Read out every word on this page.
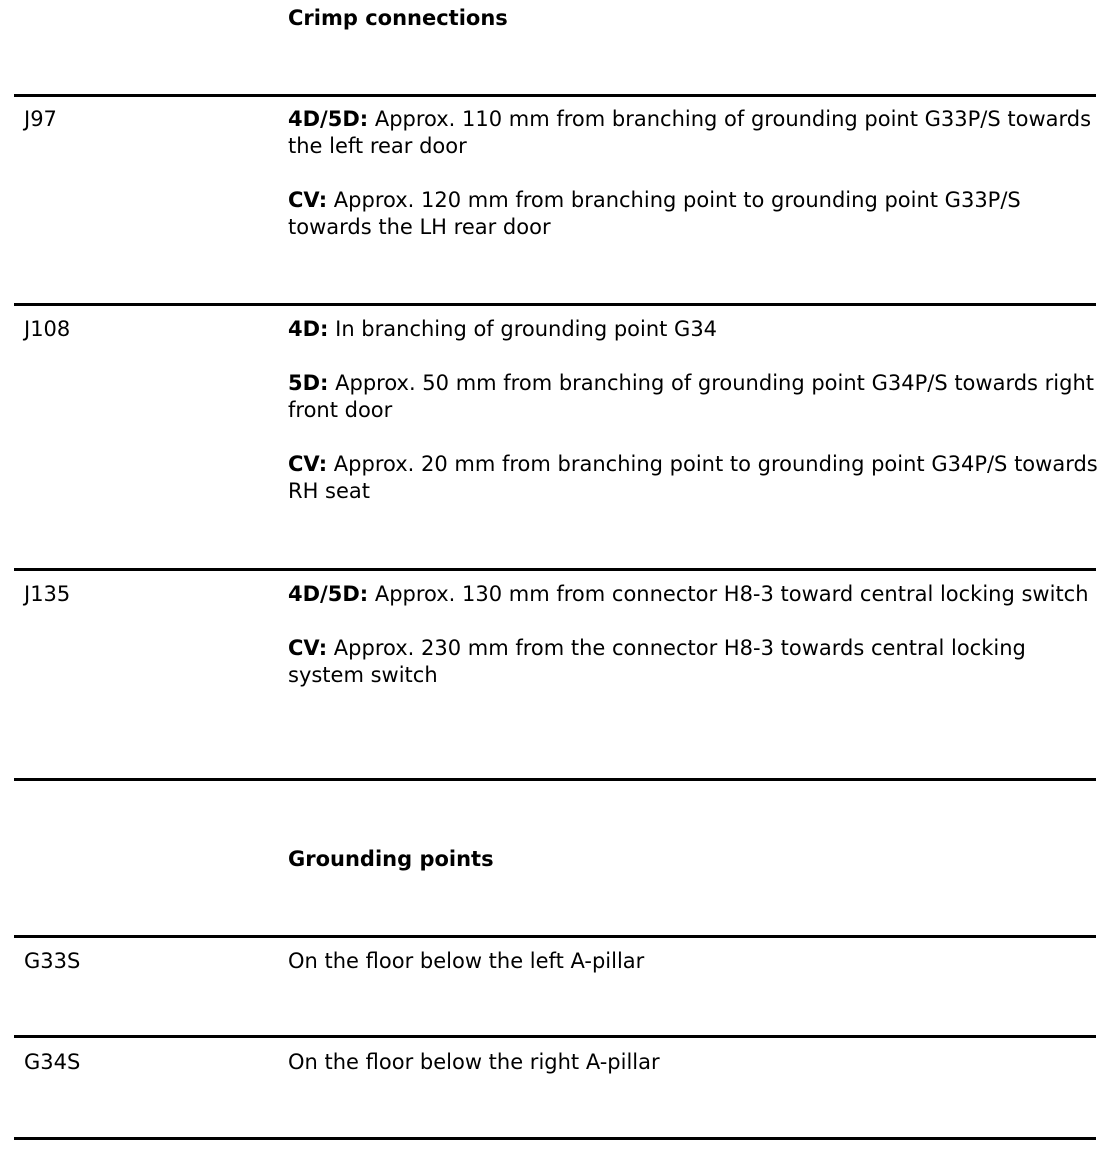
Crimp connections
J97	4D/5D: Approx. 110 mm from branching of grounding point G33P/S towards the left rear door

CV: Approx. 120 mm from branching point to grounding point G33P/S towards the LH rear door

J108	4D: In branching of grounding point G34

5D: Approx. 50 mm from branching of grounding point G34P/S towards right front door

CV: Approx. 20 mm from branching point to grounding point G34P/S towards RH seat

J135	4D/5D: Approx. 130 mm from connector H8-3 toward central locking switch

CV: Approx. 230 mm from the connector H8-3 towards central locking system switch

Grounding points
G33S	On the floor below the left A-pillar
G34S	On the floor below the right A-pillar
